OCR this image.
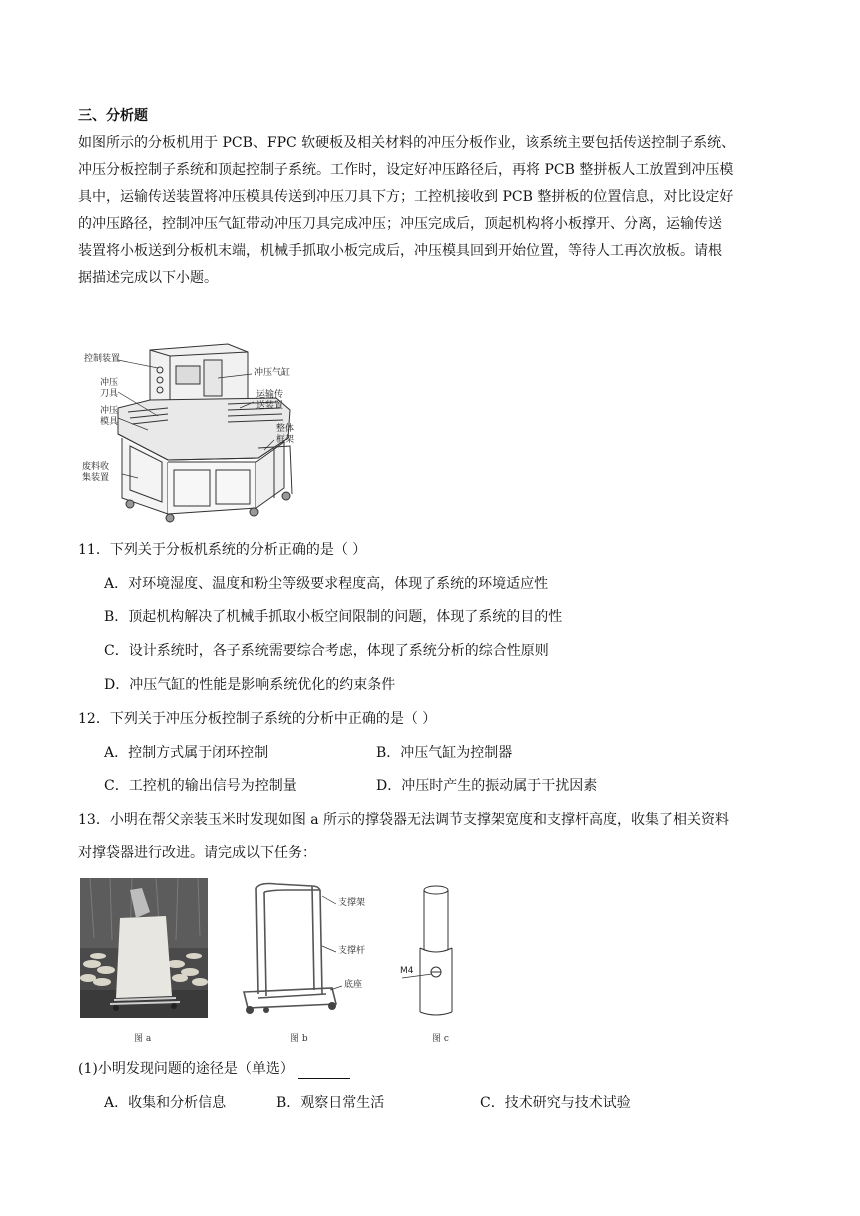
三、分析题
如图所示的分板机用于 PCB、FPC 软硬板及相关材料的冲压分板作业，该系统主要包括传送控制子系统、
冲压分板控制子系统和顶起控制子系统。工作时，设定好冲压路径后，再将 PCB 整拼板人工放置到冲压模
具中，运输传送装置将冲压模具传送到冲压刀具下方；工控机接收到 PCB 整拼板的位置信息，对比设定好
的冲压路径，控制冲压气缸带动冲压刀具完成冲压；冲压完成后，顶起机构将小板撑开、分离，运输传送
装置将小板送到分板机末端，机械手抓取小板完成后，冲压模具回到开始位置，等待人工再次放板。请根
据描述完成以下小题。
控制装置
冲压气缸
冲压
刀具	运输传
送装置
冲压
模具
整体
框架
废料收
集装置
11．下列关于分板机系统的分析正确的是（ ）
A．对环境湿度、温度和粉尘等级要求程度高，体现了系统的环境适应性
B．顶起机构解决了机械手抓取小板空间限制的问题，体现了系统的目的性
C．设计系统时，各子系统需要综合考虑，体现了系统分析的综合性原则
D．冲压气缸的性能是影响系统优化的约束条件
12．下列关于冲压分板控制子系统的分析中正确的是（ ）
A．控制方式属于闭环控制	B．冲压气缸为控制器
C．工控机的输出信号为控制量	D．冲压时产生的振动属于干扰因素
13．小明在帮父亲装玉米时发现如图 a 所示的撑袋器无法调节支撑架宽度和支撑杆高度，收集了相关资料
对撑袋器进行改进。请完成以下任务：
图 a
支撑架
支撑杆
底座
图 b
M4
图 c
(1)小明发现问题的途径是（单选）
A．收集和分析信息	B．观察日常生活	C．技术研究与技术试验
